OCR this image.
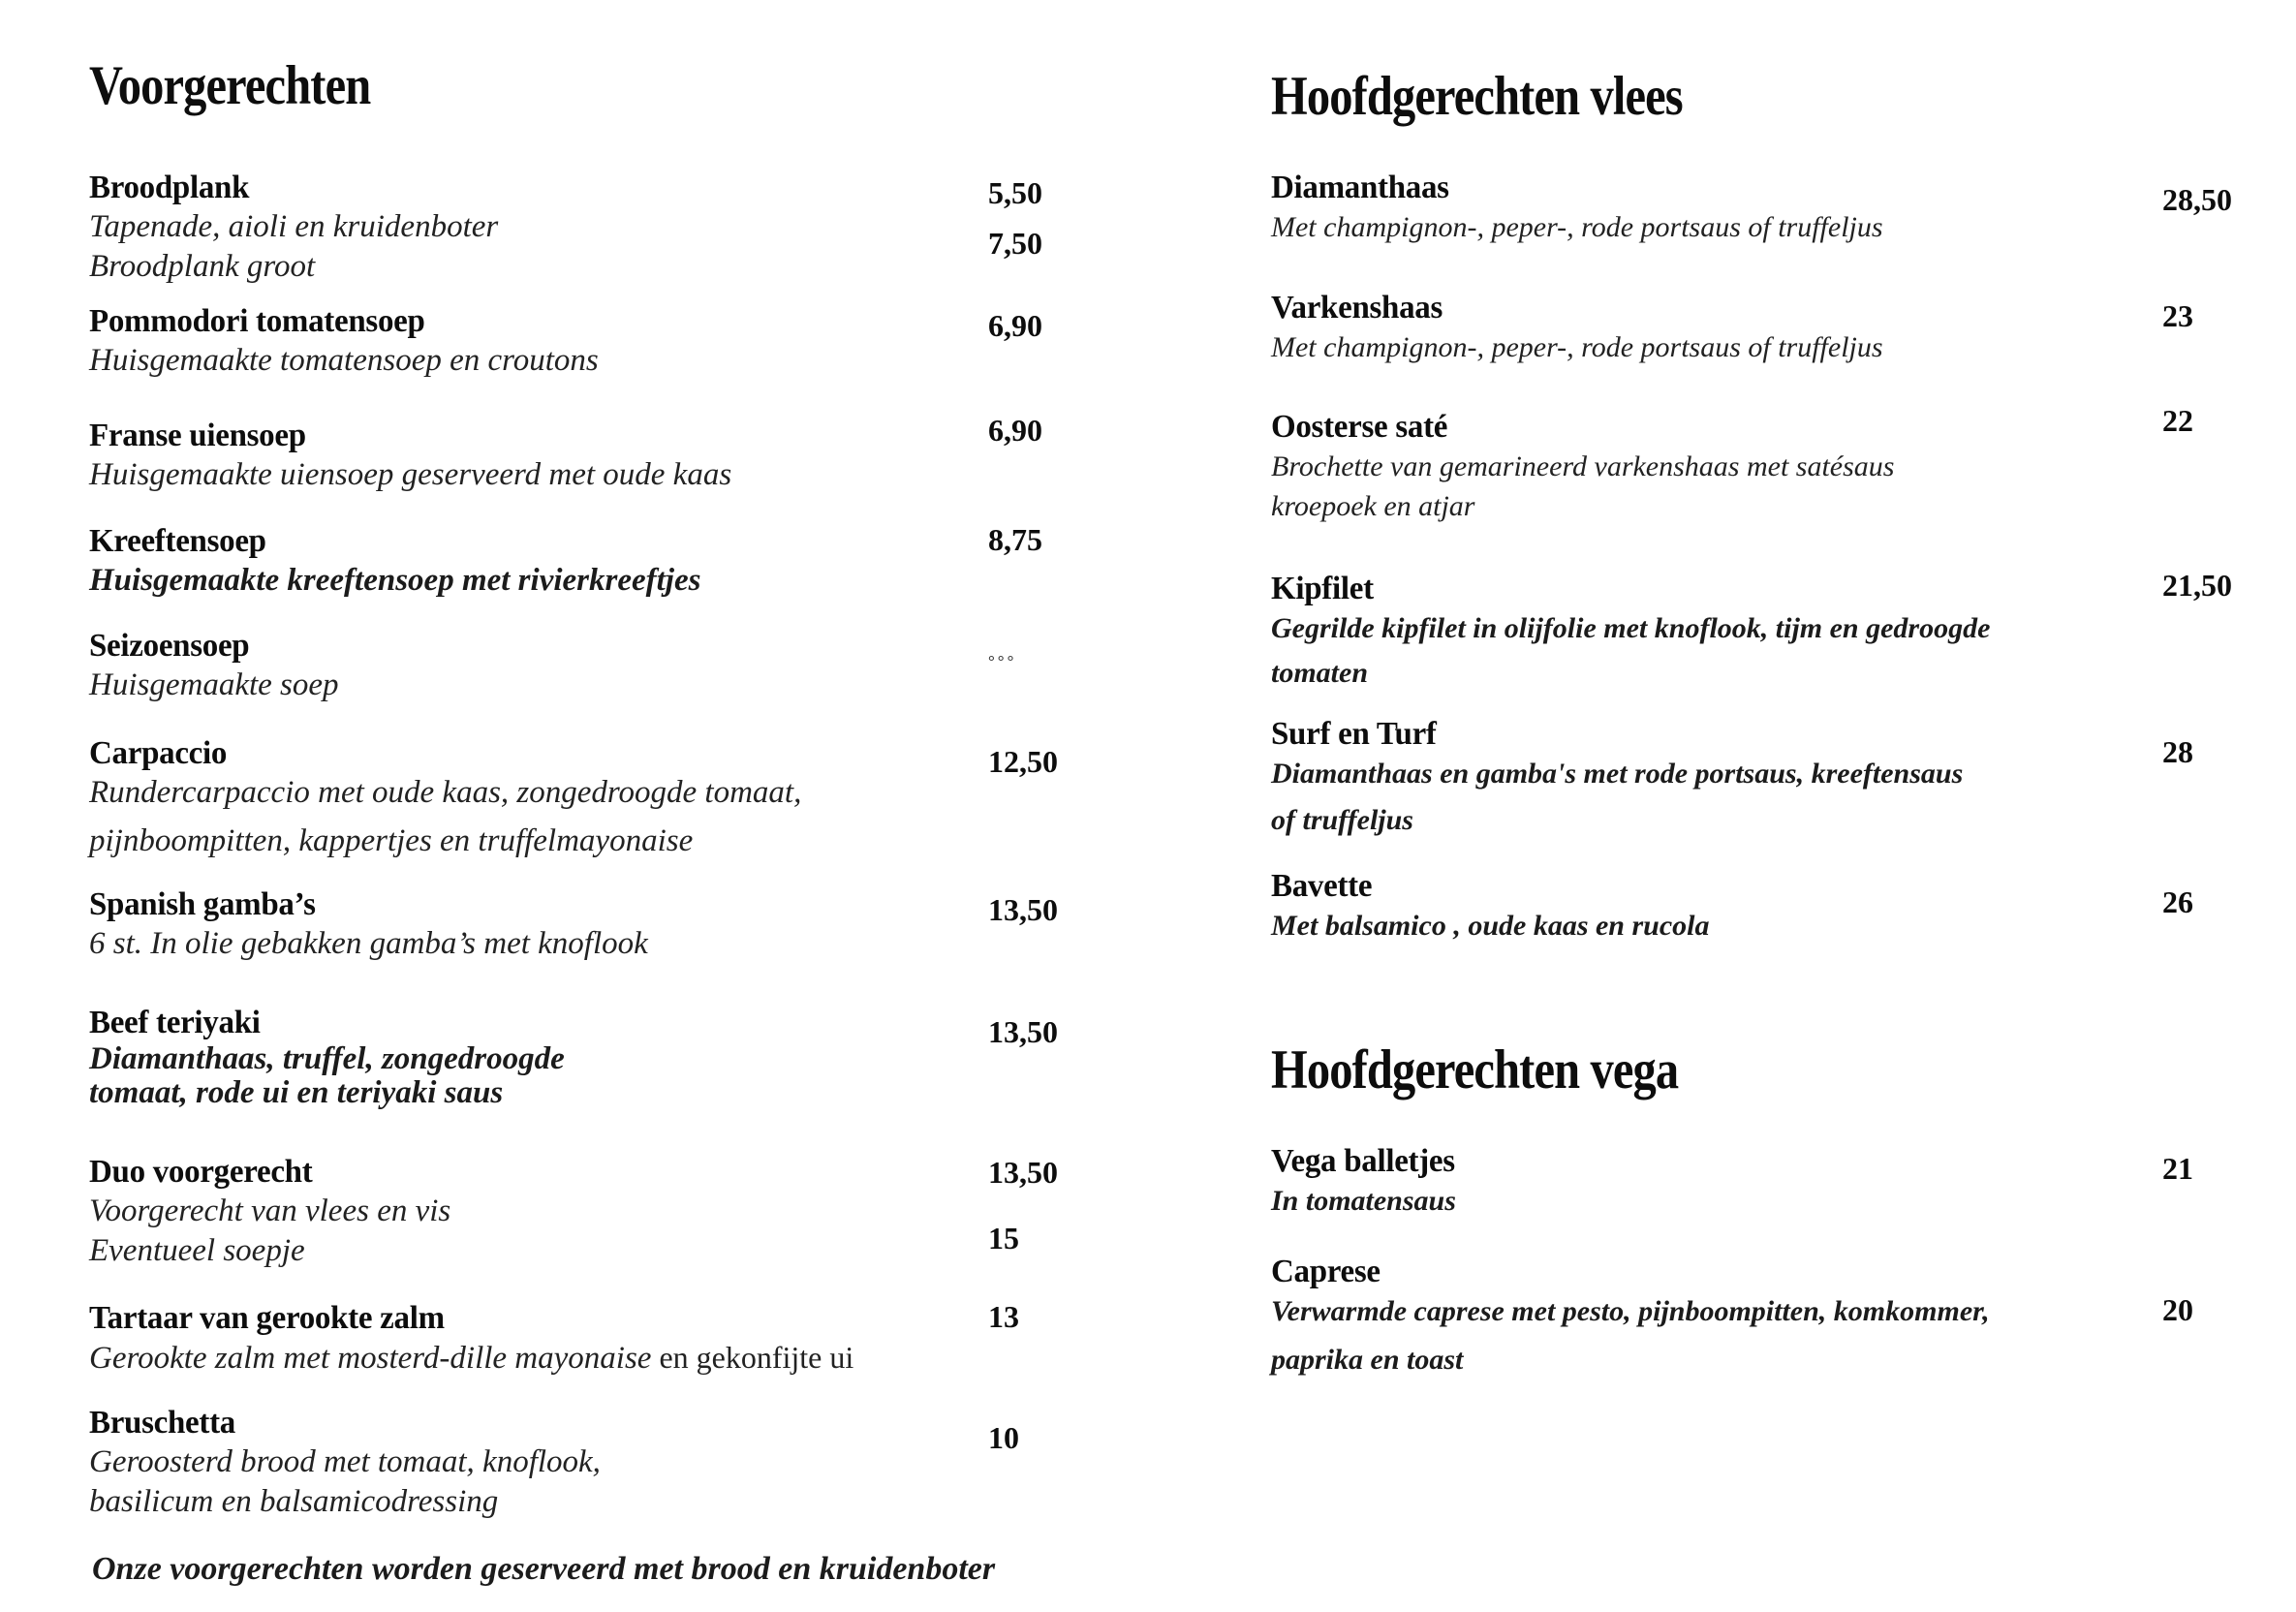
Voorgerechten
Broodplank
Tapenade, aioli en kruidenboter
Broodplank groot
5,50
7,50
Pommodori tomatensoep
Huisgemaakte tomatensoep en croutons
6,90
Franse uiensoep
Huisgemaakte uiensoep geserveerd met oude kaas
6,90
Kreeftensoep
Huisgemaakte kreeftensoep met rivierkreeftjes
8,75
Seizoensoep
Huisgemaakte soep
°°°
Carpaccio
Rundercarpaccio met oude kaas, zongedroogde tomaat,
pijnboompitten, kappertjes en truffelmayonaise
12,50
Spanish gamba’s
6 st. In olie gebakken gamba’s met knoflook
13,50
Beef teriyaki
Diamanthaas, truffel, zongedroogde
tomaat, rode ui en teriyaki saus
13,50
Duo voorgerecht
Voorgerecht van vlees en vis
Eventueel soepje
13,50
15
Tartaar van gerookte zalm
Gerookte zalm met mosterd-dille mayonaise en gekonfijte ui
13
Bruschetta
Geroosterd brood met tomaat, knoflook,
basilicum en balsamicodressing
10
Onze voorgerechten worden geserveerd met brood en kruidenboter
Hoofdgerechten vlees
Diamanthaas
Met champignon-, peper-, rode portsaus of truffeljus
28,50
Varkenshaas
Met champignon-, peper-, rode portsaus of truffeljus
23
Oosterse saté
Brochette van gemarineerd varkenshaas met satésaus
kroepoek en atjar
22
Kipfilet
Gegrilde kipfilet in olijfolie met knoflook, tijm en gedroogde
tomaten
21,50
Surf en Turf
Diamanthaas en gamba's met rode portsaus, kreeftensaus
of truffeljus
28
Bavette
Met balsamico , oude kaas en rucola
26
Hoofdgerechten vega
Vega balletjes
In tomatensaus
21
Caprese
Verwarmde caprese met pesto, pijnboompitten, komkommer,
paprika en toast
20
